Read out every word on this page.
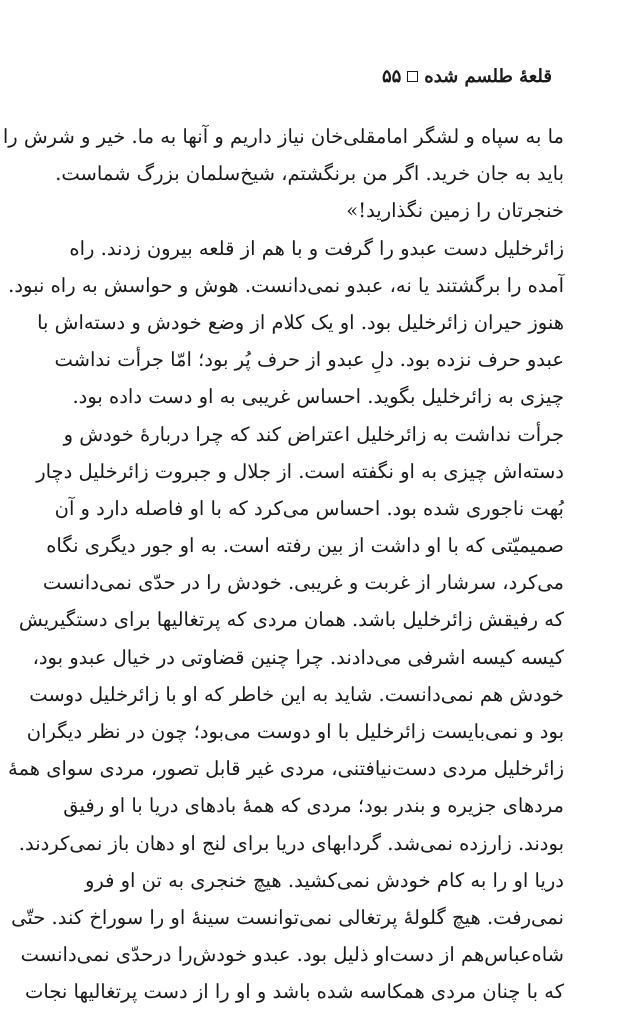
قلعهٔ طلسم شده
۵۵
ما به سپاه و لشگر امامقلی‌خان نیاز داریم و آنها به ما. خیر و شرش را
باید به جان خرید. اگر من برنگشتم، شیخ‌سلمان بزرگ شماست.
خنجرتان را زمین نگذارید!»
زائرخلیل دست عبدو را گرفت و با هم از قلعه بیرون زدند. راه
آمده را برگشتند یا نه، عبدو نمی‌دانست. هوش و حواسش به راه نبود.
هنوز حیران زائرخلیل بود. او یک کلام از وضع خودش و دسته‌اش با
عبدو حرف نزده بود. دلِ عبدو از حرف پُر بود؛ امّا جرأت نداشت
چیزی به زائرخلیل بگوید. احساس غریبی به او دست داده بود.
جرأت نداشت به زائرخلیل اعتراض کند که چرا دربارهٔ خودش و
دسته‌اش چیزی به او نگفته است. از جلال و جبروت زائرخلیل دچار
بُهت ناجوری شده بود. احساس می‌کرد که با او فاصله دارد و آن
صمیمیّتی که با او داشت از بین رفته است. به او جور دیگری نگاه
می‌کرد، سرشار از غربت و غریبی. خودش را در حدّی نمی‌دانست
که رفیقش زائرخلیل باشد. همان مردی که پرتغالیها برای دستگیریش
کیسه کیسه اشرفی می‌دادند. چرا چنین قضاوتی در خیال عبدو بود،
خودش هم نمی‌دانست. شاید به این خاطر که او با زائرخلیل دوست
بود و نمی‌بایست زائرخلیل با او دوست می‌بود؛ چون در نظر دیگران
زائرخلیل مردی دست‌نیافتنی، مردی غیر قابل تصور، مردی سوای همهٔ
مردهای جزیره و بندر بود؛ مردی که همهٔ بادهای دریا با او رفیق
بودند. زارزده نمی‌شد. گردابهای دریا برای لنج او دهان باز نمی‌کردند.
دریا او را به کام خودش نمی‌کشید. هیچ خنجری به تن او فرو
نمی‌رفت. هیچ گلولهٔ پرتغالی نمی‌توانست سینهٔ او را سوراخ کند. حتّی
شاه‌عباس‌هم از دست‌او ذلیل بود. عبدو خودش‌را درحدّی نمی‌دانست
که با چنان مردی همکاسه شده باشد و او را از دست پرتغالیها نجات
